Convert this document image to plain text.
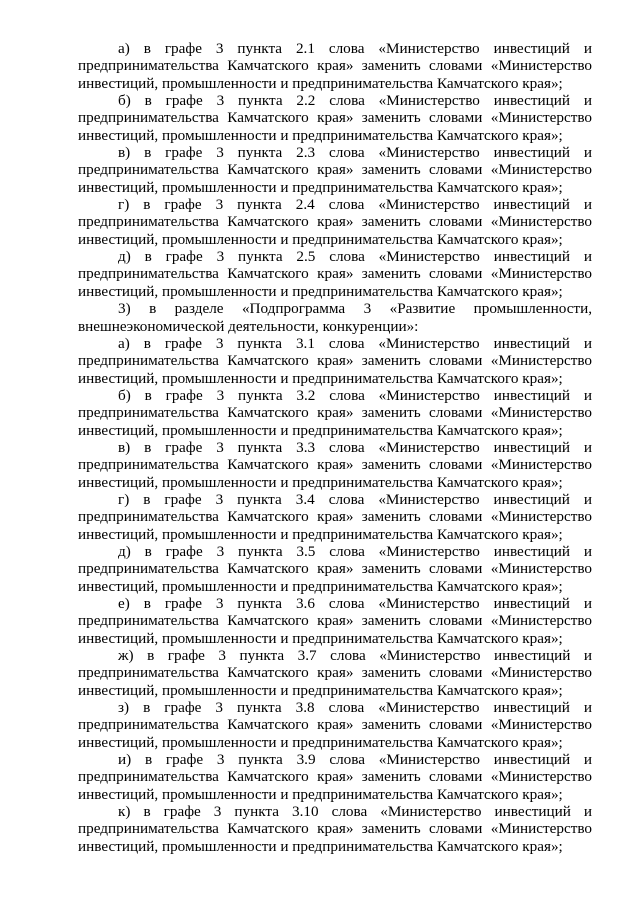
а) в графе 3 пункта 2.1 слова «Министерство инвестиций и предпринимательства Камчатского края» заменить словами «Министерство инвестиций, промышленности и предпринимательства Камчатского края»;

б) в графе 3 пункта 2.2 слова «Министерство инвестиций и предпринимательства Камчатского края» заменить словами «Министерство инвестиций, промышленности и предпринимательства Камчатского края»;

в) в графе 3 пункта 2.3 слова «Министерство инвестиций и предпринимательства Камчатского края» заменить словами «Министерство инвестиций, промышленности и предпринимательства Камчатского края»;

г) в графе 3 пункта 2.4 слова «Министерство инвестиций и предпринимательства Камчатского края» заменить словами «Министерство инвестиций, промышленности и предпринимательства Камчатского края»;

д) в графе 3 пункта 2.5 слова «Министерство инвестиций и предпринимательства Камчатского края» заменить словами «Министерство инвестиций, промышленности и предпринимательства Камчатского края»;

3) в разделе «Подпрограмма 3 «Развитие промышленности, внешнеэкономической деятельности, конкуренции»:

а) в графе 3 пункта 3.1 слова «Министерство инвестиций и предпринимательства Камчатского края» заменить словами «Министерство инвестиций, промышленности и предпринимательства Камчатского края»;

б) в графе 3 пункта 3.2 слова «Министерство инвестиций и предпринимательства Камчатского края» заменить словами «Министерство инвестиций, промышленности и предпринимательства Камчатского края»;

в) в графе 3 пункта 3.3 слова «Министерство инвестиций и предпринимательства Камчатского края» заменить словами «Министерство инвестиций, промышленности и предпринимательства Камчатского края»;

г) в графе 3 пункта 3.4 слова «Министерство инвестиций и предпринимательства Камчатского края» заменить словами «Министерство инвестиций, промышленности и предпринимательства Камчатского края»;

д) в графе 3 пункта 3.5 слова «Министерство инвестиций и предпринимательства Камчатского края» заменить словами «Министерство инвестиций, промышленности и предпринимательства Камчатского края»;

е) в графе 3 пункта 3.6 слова «Министерство инвестиций и предпринимательства Камчатского края» заменить словами «Министерство инвестиций, промышленности и предпринимательства Камчатского края»;

ж) в графе 3 пункта 3.7 слова «Министерство инвестиций и предпринимательства Камчатского края» заменить словами «Министерство инвестиций, промышленности и предпринимательства Камчатского края»;

з) в графе 3 пункта 3.8 слова «Министерство инвестиций и предпринимательства Камчатского края» заменить словами «Министерство инвестиций, промышленности и предпринимательства Камчатского края»;

и) в графе 3 пункта 3.9 слова «Министерство инвестиций и предпринимательства Камчатского края» заменить словами «Министерство инвестиций, промышленности и предпринимательства Камчатского края»;

к) в графе 3 пункта 3.10 слова «Министерство инвестиций и предпринимательства Камчатского края» заменить словами «Министерство инвестиций, промышленности и предпринимательства Камчатского края»;
